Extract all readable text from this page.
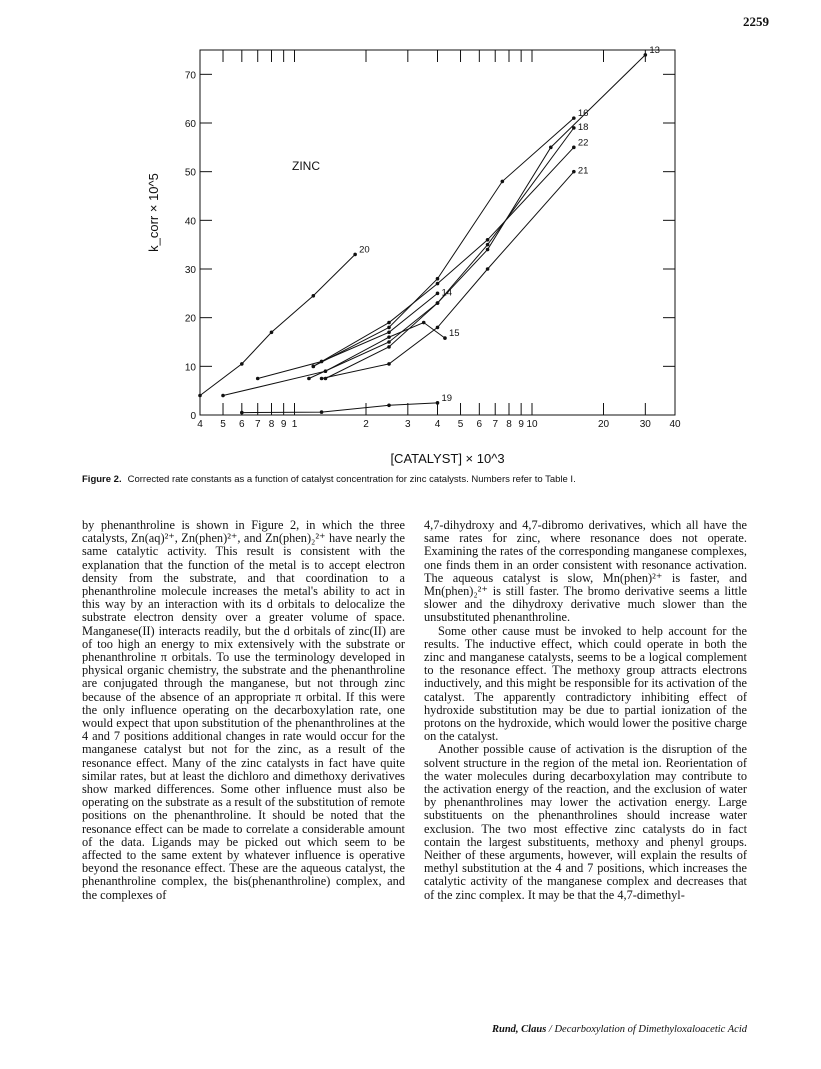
2259
0
10
20
30
40
50
60
70
4 5 6 7 8 9 1	2	3 4 5 6 7 8 9 10	20	30 40
[CATALYST] × 10^3
k_corr × 10^5
ZINC
20
15
14
16
22
18
21
13
19
Figure 2. Corrected rate constants as a function of catalyst concentration for zinc catalysts. Numbers refer to Table I.

by phenanthroline is shown in Figure 2, in which the three catalysts, Zn(aq)²⁺, Zn(phen)²⁺, and Zn(phen)₂²⁺ have nearly the same catalytic activity. This result is consistent with the explanation that the function of the metal is to accept electron density from the substrate, and that coordination to a phenanthroline molecule increases the metal's ability to act in this way by an interaction with its d orbitals to delocalize the substrate electron density over a greater volume of space. Manganese(II) interacts readily, but the d orbitals of zinc(II) are of too high an energy to mix extensively with the substrate or phenanthroline π orbitals. To use the terminology developed in physical organic chemistry, the substrate and the phenanthroline are conjugated through the manganese, but not through zinc because of the absence of an appropriate π orbital. If this were the only influence operating on the decarboxylation rate, one would expect that upon substitution of the phenanthrolines at the 4 and 7 positions additional changes in rate would occur for the manganese catalyst but not for the zinc, as a result of the resonance effect. Many of the zinc catalysts in fact have quite similar rates, but at least the dichloro and dimethoxy derivatives show marked differences. Some other influence must also be operating on the substrate as a result of the substitution of remote positions on the phenanthroline. It should be noted that the resonance effect can be made to correlate a considerable amount of the data. Ligands may be picked out which seem to be affected to the same extent by whatever influence is operative beyond the resonance effect. These are the aqueous catalyst, the phenanthroline complex, the bis(phenanthroline) complex, and the complexes of

4,7-dihydroxy and 4,7-dibromo derivatives, which all have the same rates for zinc, where resonance does not operate. Examining the rates of the corresponding manganese complexes, one finds them in an order consistent with resonance activation. The aqueous catalyst is slow, Mn(phen)²⁺ is faster, and Mn(phen)₂²⁺ is still faster. The bromo derivative seems a little slower and the dihydroxy derivative much slower than the unsubstituted phenanthroline.

Some other cause must be invoked to help account for the results. The inductive effect, which could operate in both the zinc and manganese catalysts, seems to be a logical complement to the resonance effect. The methoxy group attracts electrons inductively, and this might be responsible for its activation of the catalyst. The apparently contradictory inhibiting effect of hydroxide substitution may be due to partial ionization of the protons on the hydroxide, which would lower the positive charge on the catalyst.

Another possible cause of activation is the disruption of the solvent structure in the region of the metal ion. Reorientation of the water molecules during decarboxylation may contribute to the activation energy of the reaction, and the exclusion of water by phenanthrolines may lower the activation energy. Large substituents on the phenanthrolines should increase water exclusion. The two most effective zinc catalysts do in fact contain the largest substituents, methoxy and phenyl groups. Neither of these arguments, however, will explain the results of methyl substitution at the 4 and 7 positions, which increases the catalytic activity of the manganese complex and decreases that of the zinc complex. It may be that the 4,7-dimethyl-

Rund, Claus / Decarboxylation of Dimethyloxaloacetic Acid
